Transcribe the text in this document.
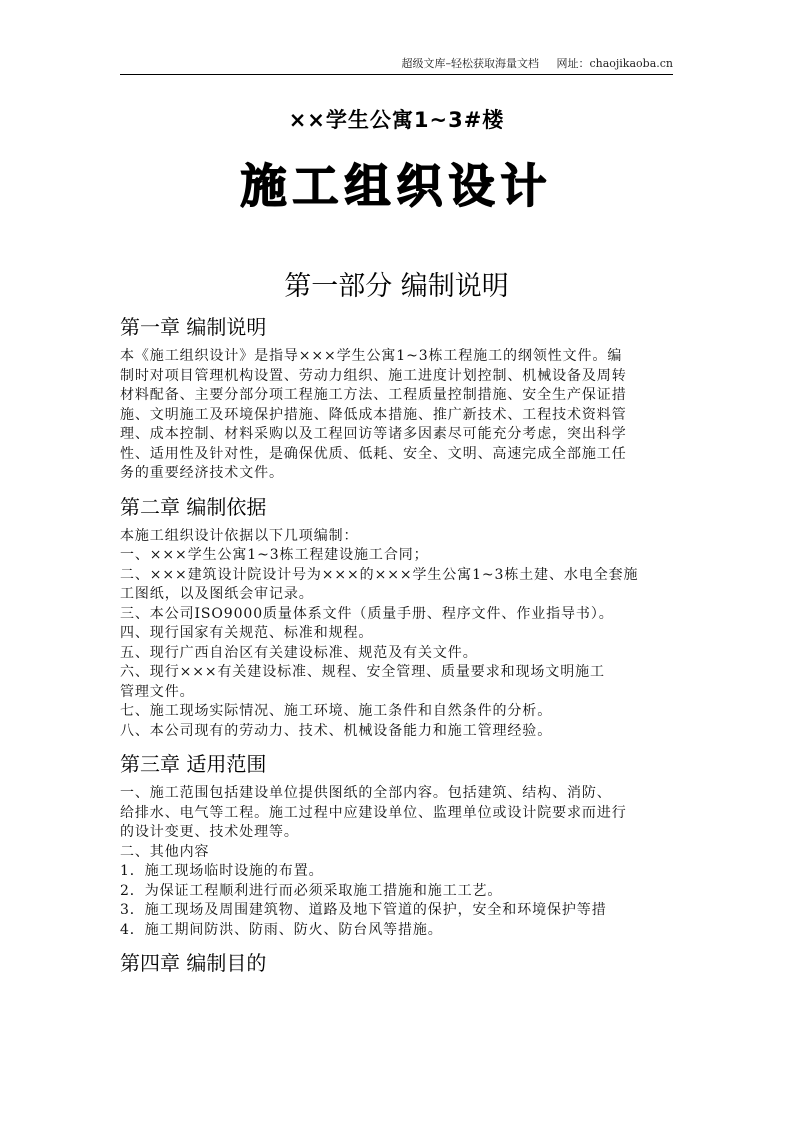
超级文库–轻松获取海量文档 网址：chaojikaoba.cn
××学生公寓1~3#楼
施工组织设计
第一部分 编制说明
第一章 编制说明

本《施工组织设计》是指导×××学生公寓1~3栋工程施工的纲领性文件。编

制时对项目管理机构设置、劳动力组织、施工进度计划控制、机械设备及周转

材料配备、主要分部分项工程施工方法、工程质量控制措施、安全生产保证措

施、文明施工及环境保护措施、降低成本措施、推广新技术、工程技术资料管

理、成本控制、材料采购以及工程回访等诸多因素尽可能充分考虑，突出科学

性、适用性及针对性，是确保优质、低耗、安全、文明、高速完成全部施工任

务的重要经济技术文件。

第二章 编制依据

本施工组织设计依据以下几项编制：

一、×××学生公寓1~3栋工程建设施工合同；

二、×××建筑设计院设计号为×××的×××学生公寓1~3栋土建、水电全套施

工图纸，以及图纸会审记录。

三、本公司ISO9000质量体系文件（质量手册、程序文件、作业指导书）。

四、现行国家有关规范、标准和规程。

五、现行广西自治区有关建设标准、规范及有关文件。

六、现行×××有关建设标准、规程、安全管理、质量要求和现场文明施工

管理文件。

七、施工现场实际情况、施工环境、施工条件和自然条件的分析。

八、本公司现有的劳动力、技术、机械设备能力和施工管理经验。

第三章 适用范围

一、施工范围包括建设单位提供图纸的全部内容。包括建筑、结构、消防、

给排水、电气等工程。施工过程中应建设单位、监理单位或设计院要求而进行

的设计变更、技术处理等。

二、其他内容

1．施工现场临时设施的布置。

2．为保证工程顺利进行而必须采取施工措施和施工工艺。

3．施工现场及周围建筑物、道路及地下管道的保护，安全和环境保护等措

4．施工期间防洪、防雨、防火、防台风等措施。

第四章 编制目的
